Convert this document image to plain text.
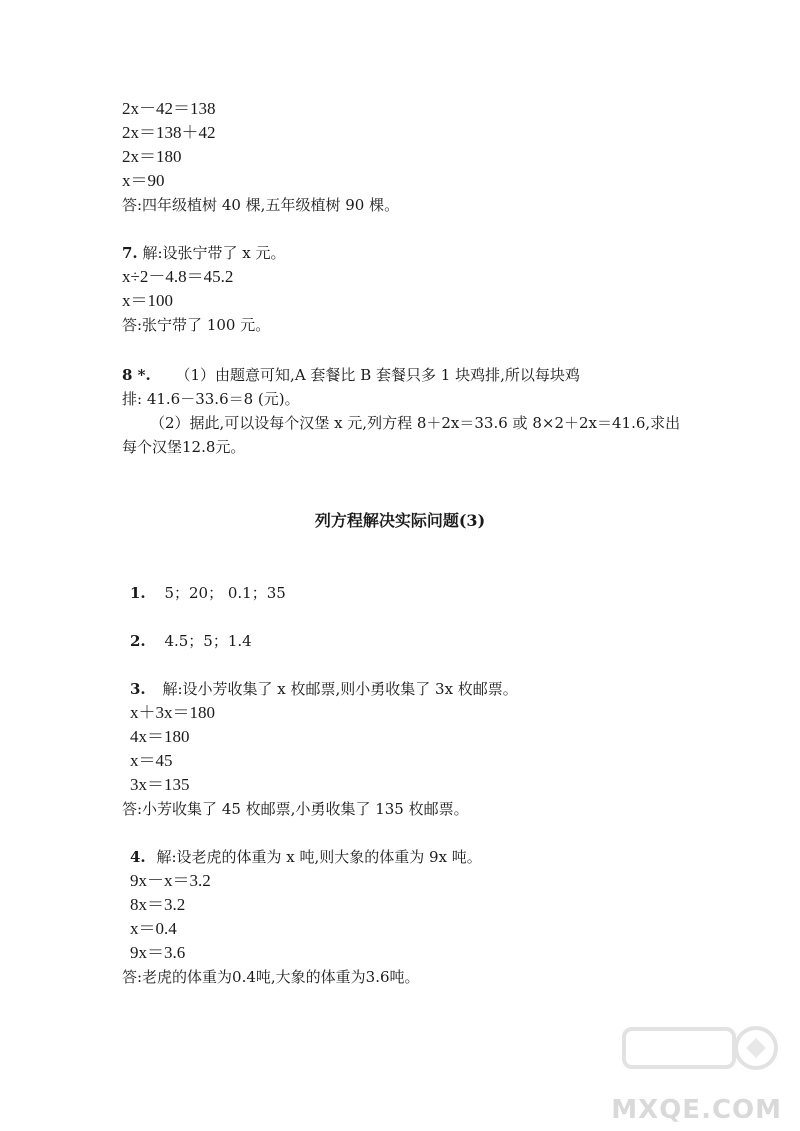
2x－42＝138
2x＝138＋42
2x＝180
x＝90
答:四年级植树 40 棵,五年级植树 90 棵。
7. 解:设张宁带了 x 元。
x÷2－4.8＝45.2
x＝100
答:张宁带了 100 元。
8 *. （1）由题意可知,A 套餐比 B 套餐只多 1 块鸡排,所以每块鸡
排: 41.6－33.6＝8 (元)。
（2）据此,可以设每个汉堡 x 元,列方程 8＋2x＝33.6 或 8×2＋2x＝41.6,求出
每个汉堡12.8元。
列方程解决实际问题(3)
1. 5；20； 0.1；35
2. 4.5；5；1.4
3. 解:设小芳收集了 x 枚邮票,则小勇收集了 3x 枚邮票。
x＋3x＝180
4x＝180
x＝45
3x＝135
答:小芳收集了 45 枚邮票,小勇收集了 135 枚邮票。
4. 解:设老虎的体重为 x 吨,则大象的体重为 9x 吨。
9x－x＝3.2
8x＝3.2
x＝0.4
9x＝3.6
答:老虎的体重为0.4吨,大象的体重为3.6吨。
MXQE.COM
